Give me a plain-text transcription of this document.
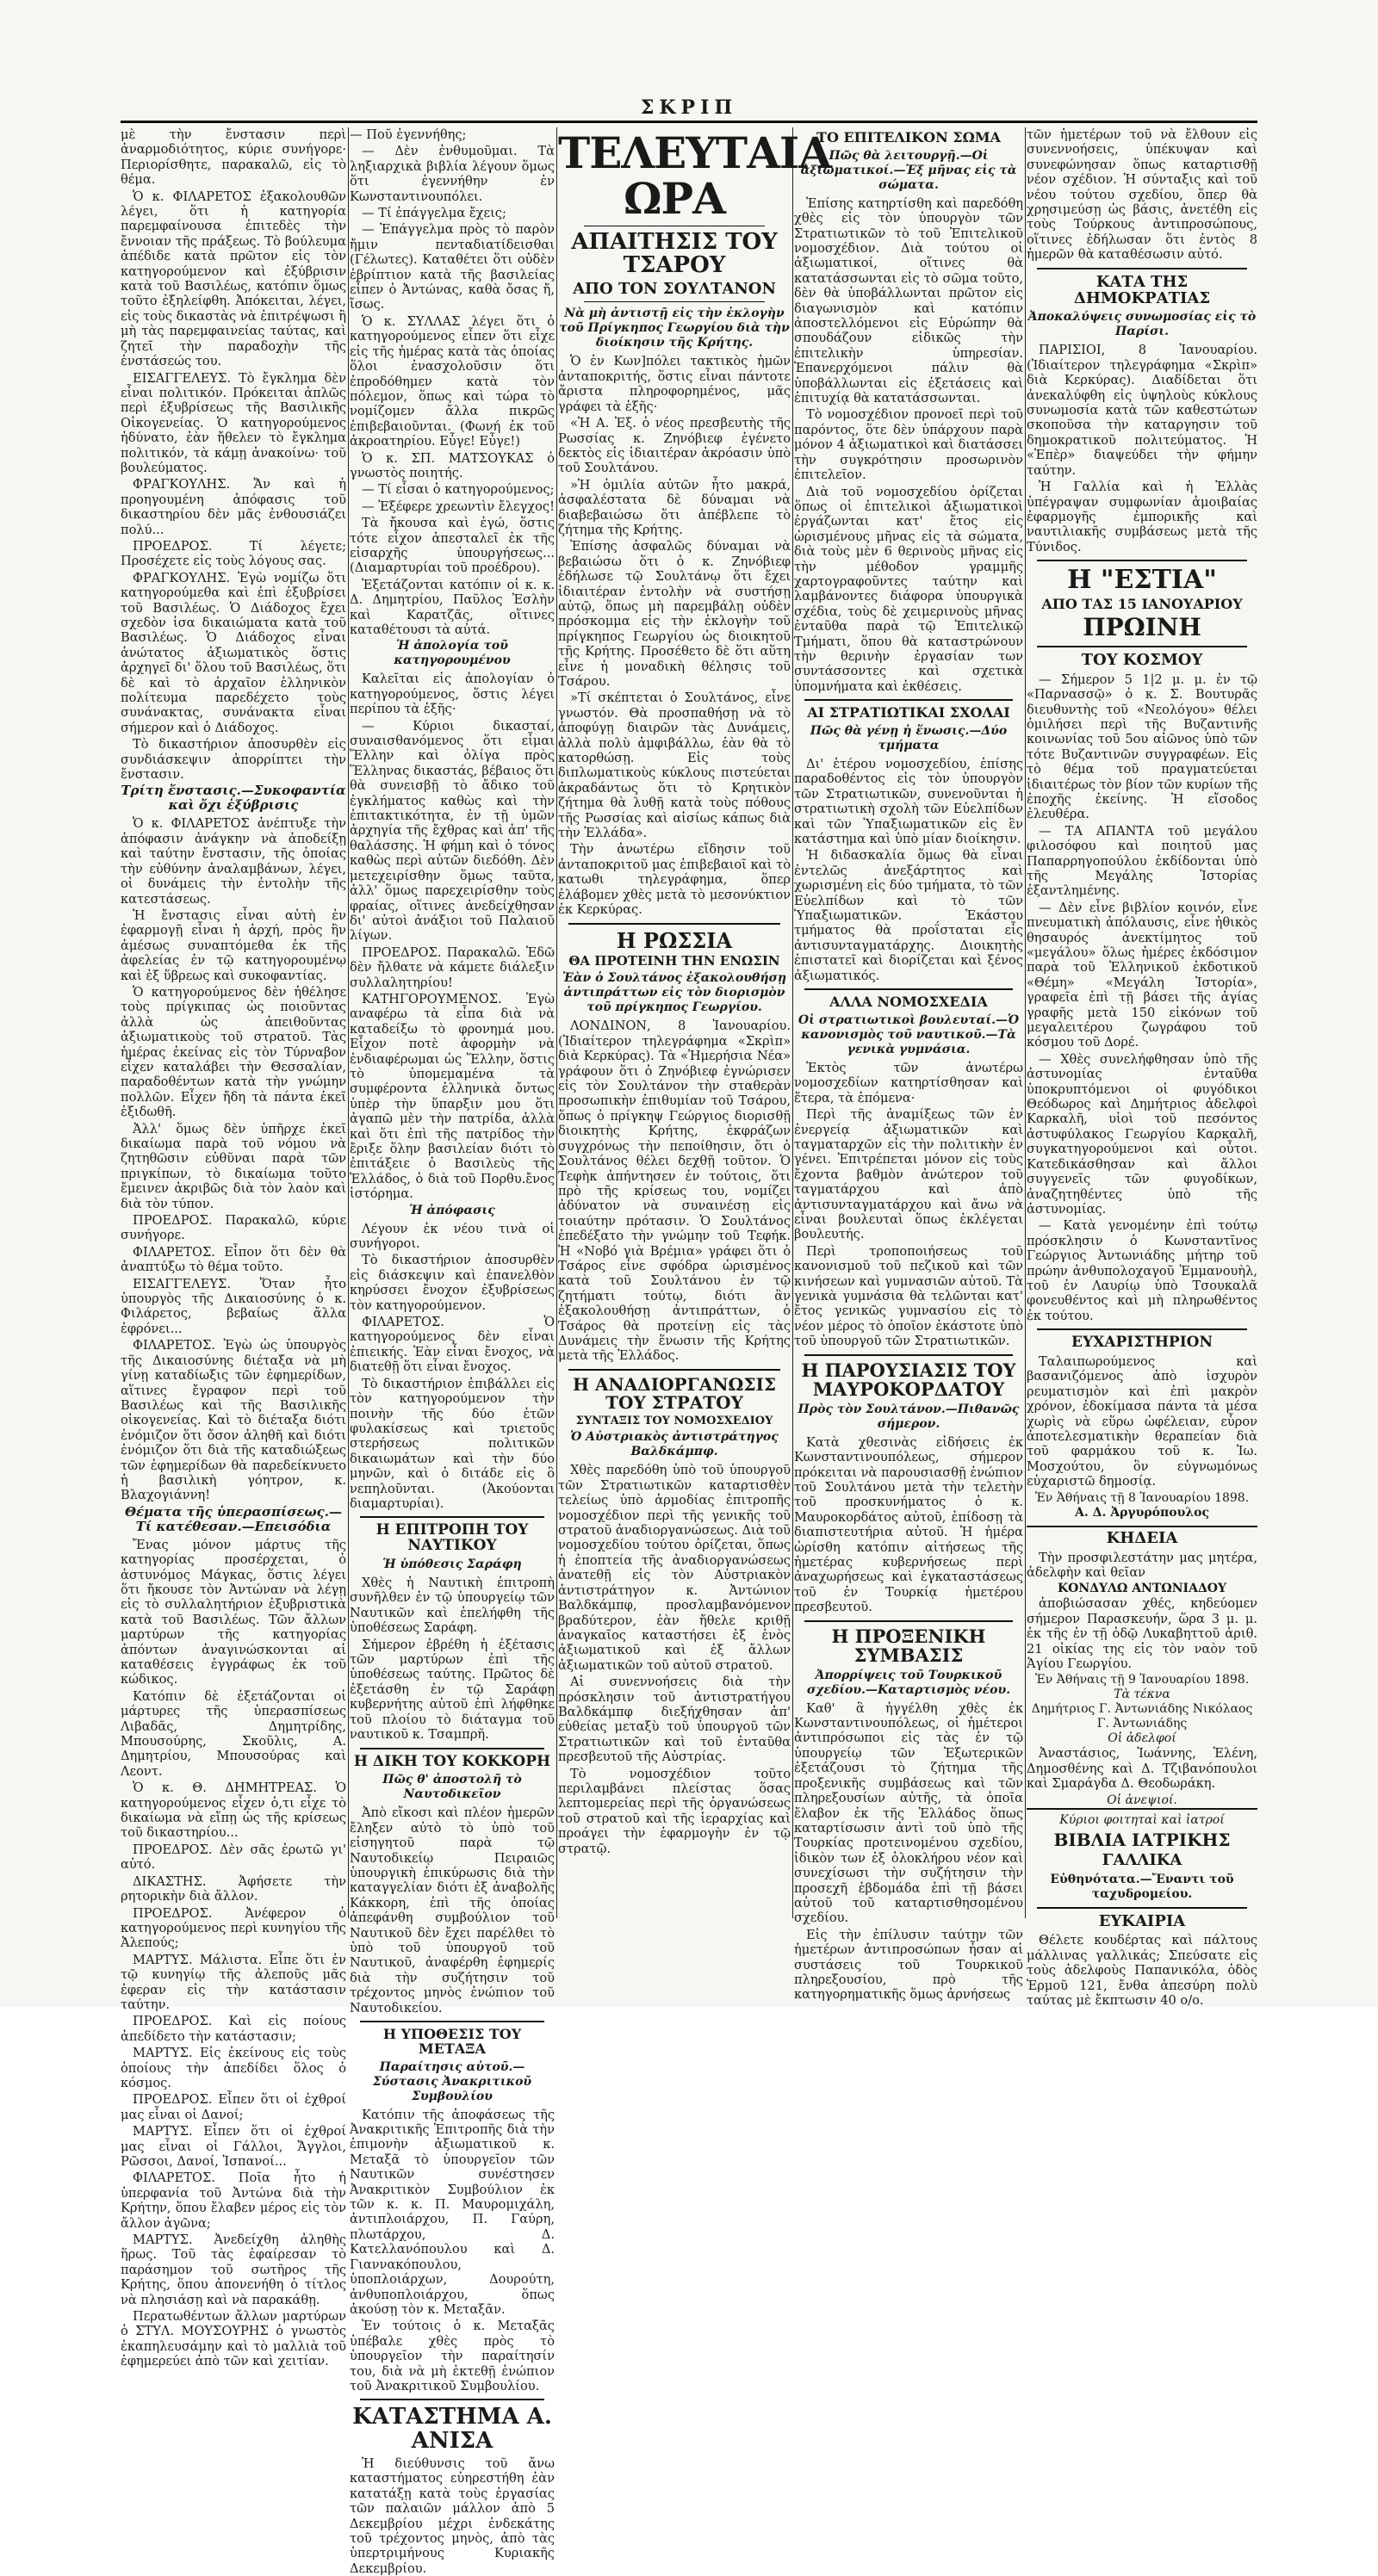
ΣΚΡΙΠ

μὲ τὴν ἔνστασιν περὶ ἀναρμοδιότητος, κύριε συνήγορε· Περιορίσθητε, παρακαλῶ, εἰς τὸ θέμα.

Ὁ κ. ΦΙΛΑΡΕΤΟΣ ἐξακολουθῶν λέγει, ὅτι ἡ κατηγορία παρεμφαίνουσα ἐπιτεδὲς τὴν ἔννοιαν τῆς πράξεως. Τὸ βούλευμα ἀπέδιδε κατὰ πρῶτον εἰς τὸν κατηγορούμενον καὶ ἐξύβρισιν κατὰ τοῦ Βασιλέως, κατόπιν ὅμως τοῦτο ἐξηλείφθη. Ἀπόκειται, λέγει, εἰς τοὺς δικαστὰς νὰ ἐπιτρέψωσι ἢ μὴ τὰς παρεμφαινείας ταύτας, καὶ ζητεῖ τὴν παραδοχὴν τῆς ἐνστάσεώς του.

ΕΙΣΑΓΓΕΛΕΥΣ. Τὸ ἔγκλημα δὲν εἶναι πολιτικόν. Πρόκειται ἁπλῶς περὶ ἐξυβρίσεως τῆς Βασιλικῆς Οἰκογενείας. Ὁ κατηγορούμενος ἠδύνατο, ἐὰν ἤθελεν τὸ ἔγκλημα πολιτικόν, τὰ κάμῃ ἀνακοίνω· τοῦ βουλεύματος.

ΦΡΑΓΚΟΥΛΗΣ. Ἄν καὶ ἡ προηγουμένη ἀπόφασις τοῦ δικαστηρίου δὲν μᾶς ἐνθουσιάζει πολύ...

ΠΡΟΕΔΡΟΣ. Τί λέγετε; Προσέχετε εἰς τοὺς λόγους σας.

ΦΡΑΓΚΟΥΛΗΣ. Ἐγὼ νομίζω ὅτι κατηγορούμεθα καὶ ἐπὶ ἐξυβρίσει τοῦ Βασιλέως. Ὁ Διάδοχος ἔχει σχεδὸν ἰσα δικαιώματα κατὰ τοῦ Βασιλέως. Ὁ Διάδοχος εἶναι ἀνώτατος ἀξιωματικὸς ὅστις ἀρχηγεῖ δι' ὅλου τοῦ Βασιλέως, ὅτι δὲ καὶ τὸ ἀρχαῖον ἑλληνικὸν πολίτευμα παρεδέχετο τοὺς συνάνακτας, συνάνακτα εἶναι σήμερον καὶ ὁ Διάδοχος.

Τὸ δικαστήριον ἀποσυρθὲν εἰς συνδιάσκεψιν ἀπορρίπτει τὴν ἔνστασιν.

Τρίτη ἔνστασις.—Συκοφαντία καὶ ὄχι ἐξύβρισις

Ὁ κ. ΦΙΛΑΡΕΤΟΣ ἀνέπτυξε τὴν ἀπόφασιν ἀνάγκην νὰ ἀποδείξῃ καὶ ταύτην ἔνστασιν, τῆς ὁποίας τὴν εὐθύνην ἀναλαμβάνων, λέγει, οἱ δυνάμεις τὴν ἐντολὴν τῆς κατεστάσεως.

Ἡ ἔνστασις εἶναι αὐτὴ ἐν ἐφαρμογῇ εἶναι ἡ ἀρχή, πρὸς ἣν ἀμέσως συναπτόμεθα ἐκ τῆς ἀφελείας ἐν τῷ κατηγορουμένῳ καὶ ἐξ ὕβρεως καὶ συκοφαντίας.

Ὁ κατηγορούμενος δὲν ἠθέλησε τοὺς πρίγκιπας ὡς ποιοῦντας ἀλλὰ ὡς ἀπειθοῦντας ἀξιωματικοὺς τοῦ στρατοῦ. Τὰς ἡμέρας ἐκείνας εἰς τὸν Τύρναβον εἶχεν καταλάβει τὴν Θεσσαλίαν, παραδοθέντων κατὰ τὴν γνώμην πολλῶν. Εἶχεν ἤδη τὰ πάντα ἐκεῖ ἐξιδωθῆ.

Ἀλλ' ὅμως δὲν ὑπῆρχε ἐκεῖ δικαίωμα παρὰ τοῦ νόμου νὰ ζητηθῶσιν εὐθῦναι παρὰ τῶν πριγκίπων, τὸ δικαίωμα τοῦτο ἔμεινεν ἀκριβῶς διὰ τὸν λαὸν καὶ διὰ τὸν τύπον.

ΠΡΟΕΔΡΟΣ. Παρακαλῶ, κύριε συνήγορε.

ΦΙΛΑΡΕΤΟΣ. Εἶπον ὅτι δὲν θὰ ἀναπτύξω τὸ θέμα τοῦτο.

ΕΙΣΑΓΓΕΛΕΥΣ. Ὅταν ἦτο ὑπουργὸς τῆς Δικαιοσύνης ὁ κ. Φιλάρετος, βεβαίως ἄλλα ἐφρόνει...

ΦΙΛΑΡΕΤΟΣ. Ἐγὼ ὡς ὑπουργὸς τῆς Δικαιοσύνης διέταξα νὰ μὴ γίνῃ καταδίωξις τῶν ἐφημερίδων, αἵτινες ἔγραφον περὶ τοῦ Βασιλέως καὶ τῆς Βασιλικῆς οἰκογενείας. Καὶ τὸ διέταξα διότι ἐνόμιζον ὅτι ὄσον ἀληθῆ καὶ διότι ἐνόμιζον ὅτι διὰ τῆς καταδιώξεως τῶν ἐφημερίδων θὰ παρεδείκνυετο ἡ βασιλικὴ γόητρον, κ. Βλαχογιάννη!

Θέματα τῆς ὑπερασπίσεως.—Τί κατέθεσαν.—Επεισόδια

Ἔνας μόνον μάρτυς τῆς κατηγορίας προσέρχεται, ὁ ἀστυνόμος Μάγκας, ὅστις λέγει ὅτι ἤκουσε τὸν Ἀντώναν νὰ λέγῃ εἰς τὸ συλλαλητήριον ἐξυβριστικὰ κατὰ τοῦ Βασιλέως. Τῶν ἄλλων μαρτύρων τῆς κατηγορίας ἀπόντων ἀναγινώσκονται αἱ καταθέσεις ἐγγράφως ἐκ τοῦ κώδικος.

Κατόπιν δὲ ἐξετάζονται οἱ μάρτυρες τῆς ὑπερασπίσεως Λιβαδᾶς, Δημητρίδης, Μπουσούρης, Σκοῦλις, Α. Δημητρίου, Μπουσούρας καὶ Λεοντ.

Ὁ κ. Θ. ΔΗΜΗΤΡΕΑΣ. Ὁ κατηγορούμενος εἶχεν ὁ,τι εἶχε τὸ δικαίωμα νὰ εἴπῃ ὡς τῆς κρίσεως τοῦ δικαστηρίου...

ΠΡΟΕΔΡΟΣ. Δὲν σᾶς ἐρωτῶ γι' αὐτό.

ΔΙΚΑΣΤΗΣ. Ἀφήσετε τὴν ρητορικὴν διὰ ἄλλον.

ΠΡΟΕΔΡΟΣ. Ἀνέφερον ὁ κατηγορούμενος περὶ κυνηγίου τῆς Ἀλεπούς;

ΜΑΡΤΥΣ. Μάλιστα. Εἶπε ὅτι ἐν τῷ κυνηγίῳ τῆς ἀλεποῦς μᾶς ἐφεραν εἰς τὴν κατάστασιν ταύτην.

ΠΡΟΕΔΡΟΣ. Καὶ εἰς ποίους ἀπεδίδετο τὴν κατάστασιν;

ΜΑΡΤΥΣ. Εἰς ἐκείνους εἰς τοὺς ὁποίους τὴν ἀπεδίδει ὅλος ὁ κόσμος.

ΠΡΟΕΔΡΟΣ. Εἶπεν ὅτι οἱ ἐχθροί μας εἶναι οἱ Δανοί;

ΜΑΡΤΥΣ. Εἶπεν ὅτι οἱ ἐχθροί μας εἶναι οἱ Γάλλοι, Ἄγγλοι, Ρῶσσοι, Δανοί, Ἰσπανοί...

ΦΙΛΑΡΕΤΟΣ. Ποῖα ἦτο ἡ ὑπερφανία τοῦ Ἀντώνα διὰ τὴν Κρήτην, ὅπου ἔλαβεν μέρος εἰς τὸν ἄλλον ἀγῶνα;

ΜΑΡΤΥΣ. Ἀνεδείχθη ἀληθὴς ἥρως. Τοῦ τὰς ἐφαίρεσαν τὸ παράσημον τοῦ σωτῆρος τῆς Κρήτης, ὅπου ἀπονενήθη ὁ τίτλος νὰ πλησιάσῃ καὶ νὰ παρακάθῃ.

Περατωθέντων ἄλλων μαρτύρων ὁ ΣΤΥΛ. ΜΟΥΣΟΥΡΗΣ ὁ γνωστὸς ἐκαπηλευσάμην καὶ τὸ μαλλιὰ τοῦ ἐφημερεύει ἀπὸ τῶν καὶ χειτίαν.

— Ποῦ ἐγεννήθης;

— Δὲν ἐνθυμοῦμαι. Τὰ ληξιαρχικὰ βιβλία λέγουν ὅμως ὅτι ἐγεννήθην ἐν Κωνσταντινουπόλει.

— Τί ἐπάγγελμα ἔχεις;

— Ἐπάγγελμα πρὸς τὸ παρὸν ἤμιν πενταδιατίδεισθαι (Γέλωτες). Καταθέτει ὅτι οὐδὲν ἐβρίπτιον κατὰ τῆς βασιλείας εἶπεν ὁ Ἀντώνας, καθὰ ὄσας ἤ, ἴσως.

Ὁ κ. ΣΥΛΛΑΣ λέγει ὅτι ὁ κατηγορούμενος εἶπεν ὅτι εἶχε εἰς τῆς ἡμέρας κατὰ τὰς ὁποίας ὅλοι ἐνασχολοῦσιν ὅτι ἐπροδόθημεν κατὰ τὸν πόλεμον, ὅπως καὶ τώρα τὸ νομίζομεν ἄλλα πικρῶς ἐπιβεβαιοῦνται. (Φωνή ἐκ τοῦ ἀκροατηρίου. Εὖγε! Εὖγε!)

Ὁ κ. ΣΠ. ΜΑΤΣΟΥΚΑΣ ὁ γνωστὸς ποιητής.

— Τί εἶσαι ὁ κατηγορούμενος;

— Ἐξέφερε χρεωντὶν ἔλεγχος!

Τὰ ἤκουσα καὶ ἐγώ, ὅστις τότε εἶχον ἀπεσταλεῖ ἐκ τῆς εἰσαρχῆς ὑπουργήσεως... (Διαμαρτυρίαι τοῦ προέδρου).

Ἐξετάζονται κατόπιν οἱ κ. κ. Δ. Δημητρίου, Παῦλος Ἐσλὴν καὶ Καρατζᾶς, οἵτινες καταθέτουσι τὰ αὐτά.

Ἡ ἀπολογία τοῦ κατηγορουμένου

Καλεῖται εἰς ἀπολογίαν ὁ κατηγορούμενος, ὅστις λέγει περίπου τὰ ἑξῆς·

— Κύριοι δικασταί, συναισθανόμενος ὅτι εἶμαι Ἕλλην καὶ ὁλίγα πρὸς Ἕλληνας δικαστάς, βέβαιος ὅτι θὰ συνεισβῇ τὸ ἄδικο τοῦ ἐγκλήματος καθὼς καὶ τὴν ἐπιτακτικότητα, ἐν τῇ ὑμῶν ἀρχηγία τῆς ἔχθρας καὶ ἀπ' τῆς θαλάσσης. Ἡ φήμη καὶ ὁ τόνος καθὼς περὶ αὐτῶν διεδόθη. Δὲν μετεχειρίσθην ὅμως ταῦτα, ἀλλ' ὅμως παρεχειρίσθην τοὺς φραίας, οἵτινες ἀνεδείχθησαν δι' αὐτοὶ ἀνάξιοι τοῦ Παλαιοῦ λίγων.

ΠΡΟΕΔΡΟΣ. Παρακαλῶ. Ἐδῶ δὲν ἤλθατε νὰ κάμετε διάλεξιν συλλαλητηρίου!

ΚΑΤΗΓΟΡΟΥΜΕΝΟΣ. Ἐγὼ αναφέρω τὰ εἶπα διὰ νὰ καταδείξω τὸ φρονημά μου. Εἶχον ποτὲ ἀφορμὴν νὰ ἐνδιαφέρωμαι ὡς Ἕλλην, ὅστις τὸ ὑπομεμαμένα τὰ συμφέροντα ἑλληνικὰ ὄντως ὑπὲρ τὴν ὕπαρξιν μου ὅτι ἀγαπῶ μὲν τὴν πατρίδα, ἀλλὰ καὶ ὅτι ἐπὶ τῆς πατρίδος τὴν ἔριξε ὅλην βασιλείαν διότι τὸ ἐπιτάξειε ὁ Βασιλεὺς τῆς Ἑλλάδος, ὁ διὰ τοῦ Πορθυ.ἔνος ἱστόρημα.

Ἡ ἀπόφασις

Λέγουν ἐκ νέου τινὰ οἱ συνήγοροι.

Τὸ δικαστήριον ἀποσυρθὲν εἰς διάσκεψιν καὶ ἐπανελθὸν κηρύσσει ἔνοχον ἐξυβρίσεως τὸν κατηγορούμενον.

ΦΙΛΑΡΕΤΟΣ. Ὁ κατηγορούμενος δὲν εἶναι ἐπιεικής. Ἐὰν εἶναι ἔνοχος, νὰ διατεθῇ ὅτι εἶναι ἔνοχος.

Τὸ δικαστήριον ἐπιβάλλει εἰς τὸν κατηγορούμενον τὴν ποινὴν τῆς δύο ἐτῶν φυλακίσεως καὶ τριετοῦς στερήσεως πολιτικῶν δικαιωμάτων καὶ τὴν δύο μηνῶν, καὶ ὁ διτάδε εἰς ὃ νεπηλοῦνται. (Ἀκούονται διαμαρτυρίαι).

Η ΕΠΙΤΡΟΠΗ ΤΟΥ ΝΑΥΤΙΚΟΥ
Ἡ ὑπόθεσις Σαράφη

Χθὲς ἡ Ναυτικὴ ἐπιτροπὴ συνῆλθεν ἐν τῷ ὑπουργείῳ τῶν Ναυτικῶν καὶ ἐπελήφθη τῆς ὑποθέσεως Σαράφη.

Σήμερον ἐβρέθη ἡ ἐξέτασις τῶν μαρτύρων ἐπὶ τῆς ὑποθέσεως ταύτης. Πρῶτος δὲ ἐξετάσθη ἐν τῷ Σαράφῃ κυβερνήτης αὐτοῦ ἐπὶ λήφθηκε τοῦ πλοίου τὸ διάταγμα τοῦ ναυτικοῦ κ. Τσαμπρῆ.

Η ΔΙΚΗ ΤΟΥ ΚΟΚΚΟΡΗ
Πῶς θ' ἀποστολῆ τὸ Ναυτοδικεῖον

Ἀπὸ εἴκοσι καὶ πλέον ἡμερῶν ἔληξεν αὐτὸ τὸ ὑπὸ τοῦ εἰσηγητοῦ παρὰ τῷ Ναυτοδικείῳ Πειραιῶς ὑπουργικὴ ἐπικύρωσις διὰ τὴν καταγγελίαν διότι ἐξ ἀναβολῆς Κάκκορη, ἐπὶ τῆς ὁποίας ἀπεφάνθη συμβούλιον τοῦ Ναυτικοῦ δὲν ἔχει παρέλθει τὸ ὑπὸ τοῦ ὑπουργοῦ τοῦ Ναυτικοῦ, ἀναφέρθη ἐφημερίς διὰ τὴν συζήτησιν τοῦ τρέχοντος μηνὸς ἐνώπιον τοῦ Ναυτοδικείου.

Η ΥΠΟΘΕΣΙΣ ΤΟΥ ΜΕΤΑΞΑ
Παραίτησις αὐτοῦ.—Σύστασις Ἀνακριτικοῦ Συμβουλίου

Κατόπιν τῆς ἀποφάσεως τῆς Ἀνακριτικῆς Ἐπιτροπῆς διὰ τὴν ἐπιμονὴν ἀξιωματικοῦ κ. Μεταξᾶ τὸ ὑπουργεῖον τῶν Ναυτικῶν συνέστησεν Ἀνακριτικὸν Συμβούλιον ἐκ τῶν κ. κ. Π. Μαυρομιχάλη, ἀντιπλοιάρχου, Π. Γαύρη, πλωτάρχου, Δ. Κατελλανόπουλου καὶ Δ. Γιαννακόπουλου, ὑποπλοιάρχων, Δουρούτη, ἀνθυποπλοιάρχου, ὅπως ἀκούσῃ τὸν κ. Μεταξᾶν.

Ἐν τούτοις ὁ κ. Μεταξᾶς ὑπέβαλε χθὲς πρὸς τὸ ὑπουργεῖον τὴν παραίτησίν του, διὰ νὰ μὴ ἐκτεθῇ ἐνώπιον τοῦ Ἀνακριτικοῦ Συμβουλίου.

ΚΑΤΑΣΤΗΜΑ Α. ΑΝΙΣΑ

Ἡ διεύθυνσις τοῦ ἄνω καταστήματος εὐηρεστήθη ἐὰν κατατάξῃ κατὰ τοὺς ἐργασίας τῶν παλαιῶν μάλλον ἀπὸ 5 Δεκεμβρίου μέχρι ἐνδεκάτης τοῦ τρέχοντος μηνὸς, ἀπὸ τὰς ὑπερτριμήνους Κυριακῆς Δεκεμβρίου.

ΤΕΛΕΥΤΑΙΑ ΩΡΑ
ΑΠΑΙΤΗΣΙΣ ΤΟΥ ΤΣΑΡΟΥ
ΑΠΟ ΤΟΝ ΣΟΥΛΤΑΝΟΝ
Νὰ μὴ ἀντιστῇ εἰς τὴν ἐκλογὴν τοῦ Πρίγκηπος Γεωργίου διὰ τὴν διοίκησιν τῆς Κρήτης.

Ὁ ἐν Κων]πόλει τακτικὸς ἡμῶν ἀνταποκριτής, ὅστις εἶναι πάντοτε ἄριστα πληροφορημένος, μᾶς γράφει τὰ ἑξῆς·

«Ἡ Α. Ἐξ. ὁ νέος πρεσβευτὴς τῆς Ρωσσίας κ. Ζηνόβιεφ ἐγένετο δεκτὸς εἰς ἰδιαιτέραν ἀκρόασιν ὑπὸ τοῦ Σουλτάνου.

»Ἡ ὁμιλία αὐτῶν ἦτο μακρά, ἀσφαλέστατα δὲ δύναμαι νὰ διαβεβαιώσω ὅτι ἀπέβλεπε τὸ ζήτημα τῆς Κρήτης.

Ἐπίσης ἀσφαλῶς δύναμαι νὰ βεβαιώσω ὅτι ὁ κ. Ζηνόβιεφ ἐδήλωσε τῷ Σουλτάνῳ ὅτι ἔχει ἰδιαιτέραν ἐντολὴν νὰ συστήσῃ αὐτῷ, ὅπως μὴ παρεμβάλῃ οὐδὲν πρόσκομμα εἰς τὴν ἐκλογὴν τοῦ πρίγκηπος Γεωργίου ὡς διοικητοῦ τῆς Κρήτης. Προσέθετο δὲ ὅτι αὕτη εἶνε ἡ μοναδικὴ θέλησις τοῦ Τσάρου.

»Τί σκέπτεται ὁ Σουλτάνος, εἶνε γνωστόν. Θὰ προσπαθήσῃ νὰ τὸ ἀποφύγῃ διαιρῶν τὰς Δυνάμεις, ἀλλὰ πολὺ ἀμφιβάλλω, ἐὰν θὰ τὸ κατορθώσῃ. Εἰς τοὺς διπλωματικοὺς κύκλους πιστεύεται ἀκραδάντως ὅτι τὸ Κρητικὸν ζήτημα θὰ λυθῇ κατὰ τοὺς πόθους τῆς Ρωσσίας καὶ αἰσίως κάπως διὰ τὴν Ἑλλάδα».

Τὴν ἀνωτέρω εἴδησιν τοῦ ἀνταποκριτοῦ μας ἐπιβεβαιοῖ καὶ τὸ κατωθι τηλεγράφημα, ὅπερ ἐλάβομεν χθὲς μετὰ τὸ μεσονύκτιον ἐκ Κερκύρας.

Η ΡΩΣΣΙΑ
ΘΑ ΠΡΟΤΕΙΝΗ ΤΗΝ ΕΝΩΣΙΝ
Ἐὰν ὁ Σουλτάνος ἐξακολουθήσῃ ἀντιπράττων εἰς τὸν διορισμὸν τοῦ πρίγκηπος Γεωργίου.

ΛΟΝΔΙΝΟΝ, 8 Ἰανουαρίου. (Ἰδιαίτερον τηλεγράφημα «Σκρὶπ» διὰ Κερκύρας). Τὰ «Ἡμερήσια Νέα» γράφουν ὅτι ὁ Ζηνόβιεφ ἐγνώρισεν εἰς τὸν Σουλτάνον τὴν σταθερὰν προσωπικὴν ἐπιθυμίαν τοῦ Τσάρου, ὅπως ὁ πρίγκηψ Γεώργιος διορισθῇ διοικητὴς Κρήτης, ἐκφράζων συγχρόνως τὴν πεποίθησιν, ὅτι ὁ Σουλτάνος θέλει δεχθῇ τοῦτον. Ὁ Τεφὴκ ἀπήντησεν ἐν τούτοις, ὅτι πρὸ τῆς κρίσεως του, νομίζει ἀδύνατον νὰ συναινέσῃ εἰς τοιαύτην πρότασιν. Ὁ Σουλτάνος ἐπεδέξατο τὴν γνώμην τοῦ Τεφήκ. Ἡ «Νοβό γιὰ Βρέμια» γράφει ὅτι ὁ Τσάρος εἶνε σφόδρα ὡρισμένος κατὰ τοῦ Σουλτάνου ἐν τῷ ζητήματι τούτῳ, διότι ἂν ἐξακολουθήσῃ ἀντιπράττων, ὁ Τσάρος θὰ προτείνῃ εἰς τὰς Δυνάμεις τὴν ἕνωσιν τῆς Κρήτης μετὰ τῆς Ἑλλάδος.

Η ΑΝΑΔΙΟΡΓΑΝΩΣΙΣ ΤΟΥ ΣΤΡΑΤΟΥ
ΣΥΝΤΑΞΙΣ ΤΟΥ ΝΟΜΟΣΧΕΔΙΟΥ
Ὁ Αὐστριακὸς ἀντιστράτηγος Βαλδκάμπφ.

Χθὲς παρεδόθη ὑπὸ τοῦ ὑπουργοῦ τῶν Στρατιωτικῶν καταρτισθὲν τελείως ὑπὸ ἁρμοδίας ἐπιτροπῆς νομοσχέδιον περὶ τῆς γενικῆς τοῦ στρατοῦ ἀναδιοργανώσεως. Διὰ τοῦ νομοσχεδίου τούτου ὁρίζεται, ὅπως ἡ ἐποπτεία τῆς ἀναδιοργανώσεως ἀνατεθῇ εἰς τὸν Αὐστριακὸν ἀντιστράτηγον κ. Ἀντώνιον Βαλδκάμπφ, προσλαμβανόμενον βραδύτερον, ἐὰν ἤθελε κριθῇ ἀναγκαῖος καταστήσει ἐξ ἑνὸς ἀξιωματικοῦ καὶ ἐξ ἄλλων ἀξιωματικῶν τοῦ αὐτοῦ στρατοῦ.

Αἱ συνεννοήσεις διὰ τὴν πρόσκλησιν τοῦ ἀντιστρατήγου Βαλδκάμπφ διεξήχθησαν ἀπ' εὐθείας μεταξὺ τοῦ ὑπουργοῦ τῶν Στρατιωτικῶν καὶ τοῦ ἐνταῦθα πρεσβευτοῦ τῆς Αὐστρίας.

Τὸ νομοσχέδιον τοῦτο περιλαμβάνει πλείστας ὅσας λεπτομερείας περὶ τῆς ὀργανώσεως τοῦ στρατοῦ καὶ τῆς ἱεραρχίας καὶ προάγει τὴν ἐφαρμογὴν ἐν τῷ στρατῷ.

ΤΟ ΕΠΙΤΕΛΙΚΟΝ ΣΩΜΑ
Πῶς θὰ λειτουργῇ.—Οἱ ἀξιωματικοί.—Ἐξ μῆνας εἰς τὰ σώματα.

Ἐπίσης κατηρτίσθη καὶ παρεδόθη χθὲς εἰς τὸν ὑπουργὸν τῶν Στρατιωτικῶν τὸ τοῦ Ἐπιτελικοῦ νομοσχέδιον. Διὰ τούτου οἱ ἀξιωματικοί, οἵτινες θὰ κατατάσσωνται εἰς τὸ σῶμα τοῦτο, δὲν θὰ ὑποβάλλωνται πρῶτον εἰς διαγωνισμὸν καὶ κατόπιν ἀποστελλόμενοι εἰς Εὐρώπην θὰ σπουδάζουν εἰδικῶς τὴν ἐπιτελικὴν ὑπηρεσίαν. Ἐπανερχόμενοι πάλιν θὰ ὑποβάλλωνται εἰς ἐξετάσεις καὶ ἐπιτυχίᾳ θὰ κατατάσσωνται.

Τὸ νομοσχέδιον προνοεῖ περὶ τοῦ παρόντος, ὅτε δὲν ὑπάρχουν παρὰ μόνον 4 ἀξιωματικοὶ καὶ διατάσσει τὴν συγκρότησιν προσωρινὸν ἐπιτελεῖον.

Διὰ τοῦ νομοσχεδίου ὁρίζεται ὅπως οἱ ἐπιτελικοὶ ἀξιωματικοὶ ἐργάζωνται κατ' ἔτος εἰς ὡρισμένους μῆνας εἰς τὰ σώματα, διὰ τοὺς μὲν 6 θερινοὺς μῆνας εἰς τὴν μέθοδον γραμμῆς χαρτογραφοῦντες ταύτην καὶ λαμβάνοντες διάφορα ὑπουργικὰ σχέδια, τοὺς δὲ χειμερινοὺς μῆνας ἐνταῦθα παρὰ τῷ Ἐπιτελικῷ Τμήματι, ὅπου θὰ καταστρώνουν τὴν θερινὴν ἐργασίαν των συντάσσοντες καὶ σχετικὰ ὑπομνήματα καὶ ἐκθέσεις.

ΑΙ ΣΤΡΑΤΙΩΤΙΚΑΙ ΣΧΟΛΑΙ
Πῶς θὰ γένῃ ἡ ἕνωσις.—Δύο τμήματα

Δι' ἑτέρου νομοσχεδίου, ἐπίσης παραδοθέντος εἰς τὸν ὑπουργὸν τῶν Στρατιωτικῶν, συνενοῦνται ἡ στρατιωτικὴ σχολὴ τῶν Εὐελπίδων καὶ τῶν Ὑπαξιωματικῶν εἰς ἓν κατάστημα καὶ ὑπὸ μίαν διοίκησιν.

Ἡ διδασκαλία ὅμως θὰ εἶναι ἐντελῶς ἀνεξάρτητος καὶ χωρισμένη εἰς δύο τμήματα, τὸ τῶν Εὐελπίδων καὶ τὸ τῶν Ὑπαξιωματικῶν. Ἑκάστου τμήματος θὰ προΐσταται εἷς ἀντισυνταγματάρχης. Διοικητὴς ἐπιστατεῖ καὶ διορίζεται καὶ ξένος ἀξιωματικός.

ΑΛΛΑ ΝΟΜΟΣΧΕΔΙΑ
Οἱ στρατιωτικοὶ βουλευταί.—Ὁ κανονισμὸς τοῦ ναυτικοῦ.—Τὰ γενικὰ γυμνάσια.

Ἐκτὸς τῶν ἀνωτέρω νομοσχεδίων κατηρτίσθησαν καὶ ἕτερα, τὰ ἑπόμενα·

Περὶ τῆς ἀναμίξεως τῶν ἐν ἐνεργείᾳ ἀξιωματικῶν καὶ ταγματαρχῶν εἰς τὴν πολιτικὴν ἐν γένει. Ἐπιτρέπεται μόνον εἰς τοὺς ἔχοντα βαθμὸν ἀνώτερον τοῦ ταγματάρχου καὶ ἀπὸ ἀντισυνταγματάρχου καὶ ἄνω νὰ εἶναι βουλευταὶ ὅπως ἐκλέγεται βουλευτής.

Περὶ τροποποιήσεως τοῦ κανονισμοῦ τοῦ πεζικοῦ καὶ τῶν κινήσεων καὶ γυμνασιῶν αὐτοῦ. Τὰ γενικὰ γυμνάσια θὰ τελῶνται κατ' ἔτος γενικῶς γυμνασίου εἰς τὸ νέον μέρος τὸ ὁποῖον ἐκάστοτε ὑπὸ τοῦ ὑπουργοῦ τῶν Στρατιωτικῶν.

Η ΠΑΡΟΥΣΙΑΣΙΣ ΤΟΥ ΜΑΥΡΟΚΟΡΔΑΤΟΥ
Πρὸς τὸν Σουλτάνον.—Πιθανῶς σήμερον.

Κατὰ χθεσινὰς εἰδήσεις ἐκ Κωνσταντινουπόλεως, σήμερον πρόκειται νὰ παρουσιασθῇ ἐνώπιον τοῦ Σουλτάνου μετὰ τὴν τελετὴν τοῦ προσκυνήματος ὁ κ. Μαυροκορδάτος αὐτοῦ, ἐπίδοσῃ τὰ διαπιστευτήρια αὐτοῦ. Ἡ ἡμέρα ὡρίσθη κατόπιν αἰτήσεως τῆς ἡμετέρας κυβερνήσεως περὶ ἀναχωρήσεως καὶ ἐγκαταστάσεως τοῦ ἐν Τουρκίᾳ ἡμετέρου πρεσβευτοῦ.

Η ΠΡΟΞΕΝΙΚΗ ΣΥΜΒΑΣΙΣ
Ἀπορρίψεις τοῦ Τουρκικοῦ σχεδίου.—Καταρτισμὸς νέου.

Καθ' ἃ ἠγγέλθη χθὲς ἐκ Κωνσταντινουπόλεως, οἱ ἡμέτεροι ἀντιπρόσωποι εἰς τὰς ἐν τῷ ὑπουργείῳ τῶν Ἐξωτερικῶν ἐξετάζουσι τὸ ζήτημα τῆς προξενικῆς συμβάσεως καὶ τῶν πληρεξουσίων αὐτῆς, τὰ ὁποῖα ἔλαβον ἐκ τῆς Ἑλλάδος ὅπως καταρτίσωσιν ἀντὶ τοῦ ὑπὸ τῆς Τουρκίας προτεινομένου σχεδίου, ἰδικὸν των ἐξ ὁλοκλήρου νέον καὶ συνεχίσωσι τὴν συζήτησιν τὴν προσεχῆ ἑβδομάδα ἐπὶ τῇ βάσει αὐτοῦ τοῦ καταρτισθησομένου σχεδίου.

Εἰς τὴν ἐπίλυσιν ταύτην τῶν ἡμετέρων ἀντιπροσώπων ἦσαν αἱ συστάσεις τοῦ Τουρκικοῦ πληρεξουσίου, πρὸ τῆς κατηγορηματικῆς ὅμως ἀρνήσεως

τῶν ἡμετέρων τοῦ νὰ ἔλθουν εἰς συνεννοήσεις, ὑπέκυψαν καὶ συνεφώνησαν ὅπως καταρτισθῇ νέον σχέδιον. Ἡ σύνταξις καὶ τοῦ νέου τούτου σχεδίου, ὅπερ θὰ χρησιμεύσῃ ὡς βάσις, ἀνετέθη εἰς τοὺς Τούρκους ἀντιπροσώπους, οἵτινες ἐδήλωσαν ὅτι ἐντὸς 8 ἡμερῶν θὰ καταθέσωσιν αὐτό.

ΚΑΤΑ ΤΗΣ ΔΗΜΟΚΡΑΤΙΑΣ
Ἀποκαλύψεις συνωμοσίας εἰς τὸ Παρίσι.

ΠΑΡΙΣΙΟΙ, 8 Ἰανουαρίου. (Ἰδιαίτερον τηλεγράφημα «Σκρὶπ» διὰ Κερκύρας). Διαδίδεται ὅτι ἀνεκαλύφθη εἰς ὑψηλοὺς κύκλους συνωμοσία κατὰ τῶν καθεστώτων σκοποῦσα τὴν καταργησιν τοῦ δημοκρατικοῦ πολιτεύματος. Ἡ «Ἐπὲρ» διαψεύδει τὴν φήμην ταύτην.

Ἡ Γαλλία καὶ ἡ Ἑλλὰς ὑπέγραψαν συμφωνίαν ἀμοιβαίας ἐφαρμογῆς ἐμπορικῆς καὶ ναυτιλιακῆς συμβάσεως μετὰ τῆς Τύνιδος.

Η "ΕΣΤΙΑ"
ΑΠΟ ΤΑΣ 15 ΙΑΝΟΥΑΡΙΟΥ
ΠΡΩΙΝΗ
ΤΟΥ ΚΟΣΜΟΥ

— Σήμερον 5 1|2 μ. μ. ἐν τῷ «Παρνασσῷ» ὁ κ. Σ. Βουτυρᾶς διευθυντὴς τοῦ «Νεολόγου» θέλει ὁμιλήσει περὶ τῆς Βυζαντινῆς κοινωνίας τοῦ 5ου αἰῶνος ὑπὸ τῶν τότε Βυζαντινῶν συγγραφέων. Εἰς τὸ θέμα τοῦ πραγματεύεται ἰδιαιτέρως τὸν βίον τῶν κυρίων τῆς ἐποχῆς ἐκείνης. Ἡ εἴσοδος ἐλευθέρα.

— ΤΑ ΑΠΑΝΤΑ τοῦ μεγάλου φιλοσόφου καὶ ποιητοῦ μας Παπαρρηγοπούλου ἐκδίδονται ὑπὸ τῆς Μεγάλης Ἱστορίας ἐξαντλημένης.

— Δὲν εἶνε βιβλίον κοινόν, εἶνε πνευματικὴ ἀπόλαυσις, εἶνε ἠθικὸς θησαυρός ἀνεκτίμητος τοῦ «μεγάλου» ὅλως ἡμέρες ἐκδόσιμον παρὰ τοῦ Ἑλληνικοῦ ἐκδοτικοῦ «Θέμη» «Μεγάλη Ἱστορία», γραφεῖα ἐπὶ τῇ βάσει τῆς ἁγίας γραφῆς μετὰ 150 εἰκόνων τοῦ μεγαλειτέρου ζωγράφου τοῦ κόσμου τοῦ Δορέ.

— Χθὲς συνελήφθησαν ὑπὸ τῆς ἀστυνομίας ἐνταῦθα ὑποκρυπτόμενοι οἱ φυγόδικοι Θεόδωρος καὶ Δημήτριος ἀδελφοὶ Καρκαλῆ, υἱοὶ τοῦ πεσόντος ἀστυφύλακος Γεωργίου Καρκαλῆ, συγκατηγορούμενοι καὶ οὗτοι. Κατεδικάσθησαν καὶ ἄλλοι συγγενεῖς τῶν φυγοδίκων, ἀναζητηθέντες ὑπὸ τῆς ἀστυνομίας.

— Κατὰ γενομένην ἐπὶ τούτῳ πρόσκλησιν ὁ Κωνσταντῖνος Γεώργιος Ἀντωνιάδης μήτηρ τοῦ πρώην ἀνθυπολοχαγοῦ Ἐμμανουὴλ, τοῦ ἐν Λαυρίῳ ὑπὸ Τσουκαλᾶ φονευθέντος καὶ μὴ πληρωθέντος ἐκ τούτου.

ΕΥΧΑΡΙΣΤΗΡΙΟΝ

Ταλαιπωρούμενος καὶ βασανιζόμενος ἀπὸ ἰσχυρὸν ρευματισμὸν καὶ ἐπὶ μακρὸν χρόνον, ἐδοκίμασα πάντα τὰ μέσα χωρὶς νὰ εὕρω ὠφέλειαν, εὗρον ἀποτελεσματικὴν θεραπείαν διὰ τοῦ φαρμάκου τοῦ κ. Ἰω. Μοσχούτου, ὃν εὐγνωμόνως εὐχαριστῶ δημοσίᾳ.

Ἐν Ἀθήναις τῇ 8 Ἰανουαρίου 1898.

Α. Δ. Ἀργυρόπουλος

ΚΗΔΕΙΑ

Τὴν προσφιλεστάτην μας μητέρα, ἀδελφὴν καὶ θεῖαν

ΚΟΝΔΥΛΩ ΑΝΤΩΝΙΑΔΟΥ

ἀποβιώσασαν χθές, κηδεύομεν σήμερον Παρασκευήν, ὥρα 3 μ. μ. ἐκ τῆς ἐν τῇ ὁδῷ Λυκαβηττοῦ ἀριθ. 21 οἰκίας της εἰς τὸν ναὸν τοῦ Ἁγίου Γεωργίου.

Ἐν Ἀθήναις τῇ 9 Ἰανουαρίου 1898.

Τὰ τέκνα

Δημήτριος Γ. Ἀντωνιάδης Νικόλαος Γ. Ἀντωνιάδης

Οἱ ἀδελφοί

Ἀναστάσιος, Ἰωάννης, Ἑλένη, Δημοσθένης καὶ Δ. Τζιβανόπουλοι καὶ Σμαράγδα Δ. Θεοδωράκη.

Οἱ ἀνεψιοί.

Κύριοι φοιτηταὶ καὶ ἰατροί

ΒΙΒΛΙΑ ΙΑΤΡΙΚΗΣ
ΓΑΛΛΙΚΑ

Εὐθηνότατα.—Ἔναντι τοῦ ταχυδρομείου.

ΕΥΚΑΙΡΙΑ

Θέλετε κουδέρτας καὶ πάλτους μάλλινας γαλλικάς; Σπεύσατε εἰς τοὺς ἀδελφοὺς Παπανικόλα, ὁδὸς Ἑρμοῦ 121, ἔνθα ἀπεσύρη πολὺ ταύτας μὲ ἔκπτωσιν 40 ο/ο.
